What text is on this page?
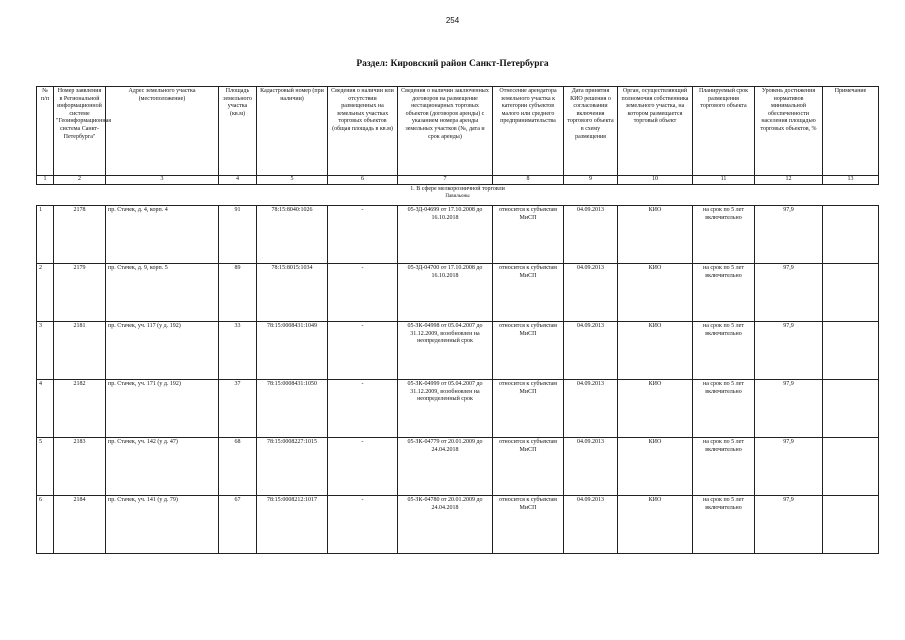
254
Раздел: Кировский район Санкт-Петербурга
№ п/п	Номер заявления в Региональной информационной системе "Геоинформационная система Санкт-Петербурга"	Адрес земельного участка (местоположение)	Площадь земельного участка (кв.м)	Кадастровый номер (при наличии)	Сведения о наличии или отсутствии размещенных на земельных участках торговых объектов (общая площадь в кв.м)	Сведения о наличии заключенных договоров на размещение нестационарных торговых объектов (договоров аренды) с указанием номера аренды земельных участков (№, дата и срок аренды)	Отнесение арендатора земельного участка к категории субъектов малого или среднего предпринимательства	Дата принятия КИО решения о согласовании включения торгового объекта в схему размещения	Орган, осуществляющий полномочия собственника земельного участка, на котором размещается торговый объект	Планируемый срок размещения торгового объекта	Уровень достижения нормативов минимальной обеспеченности населения площадью торговых объектов, %	Примечание
1	2	3	4	5	6	7	8	9	10	11	12	13

1. В сфере мелкорозничной торговли
Павильоны												

1	2178	пр. Стачек, д. 4, корп. 4	91	78:15:8040:1026	-	05-ЗД-04699 от 17.10.2008 до 16.10.2018	относится к субъектам МиСП	04.09.2013	КИО	на срок по 5 лет включительно	97,9	
2	2179	пр. Стачек, д. 9, корп. 5	89	78:15:8015:1034	-	05-ЗД-04700 от 17.10.2008 до 16.10.2018	относится к субъектам МиСП	04.09.2013	КИО	на срок по 5 лет включительно	97,9	
3	2181	пр. Стачек, уч. 117 (у д. 192)	33	78:15:0008431:1049	-	05-ЗК-04998 от 05.04.2007 до 31.12.2009, возобновлен на неопределенный срок	относится к субъектам МиСП	04.09.2013	КИО	на срок по 5 лет включительно	97,9	
4	2182	пр. Стачек, уч. 171 (у д. 192)	37	78:15:0008431:1050	-	05-ЗК-04999 от 05.04.2007 до 31.12.2009, возобновлен на неопределенный срок	относится к субъектам МиСП	04.09.2013	КИО	на срок по 5 лет включительно	97,9	
5	2183	пр. Стачек, уч. 142 (у д. 47)	68	78:15:0008227:1015	-	05-ЗК-04779 от 20.01.2009 до 24.04.2018	относится к субъектам МиСП	04.09.2013	КИО	на срок по 5 лет включительно	97,9	
6	2184	пр. Стачек, уч. 141 (у д. 79)	67	78:15:0008212:1017	-	05-ЗК-04780 от 20.01.2009 до 24.04.2018	относится к субъектам МиСП	04.09.2013	КИО	на срок по 5 лет включительно	97,9	
